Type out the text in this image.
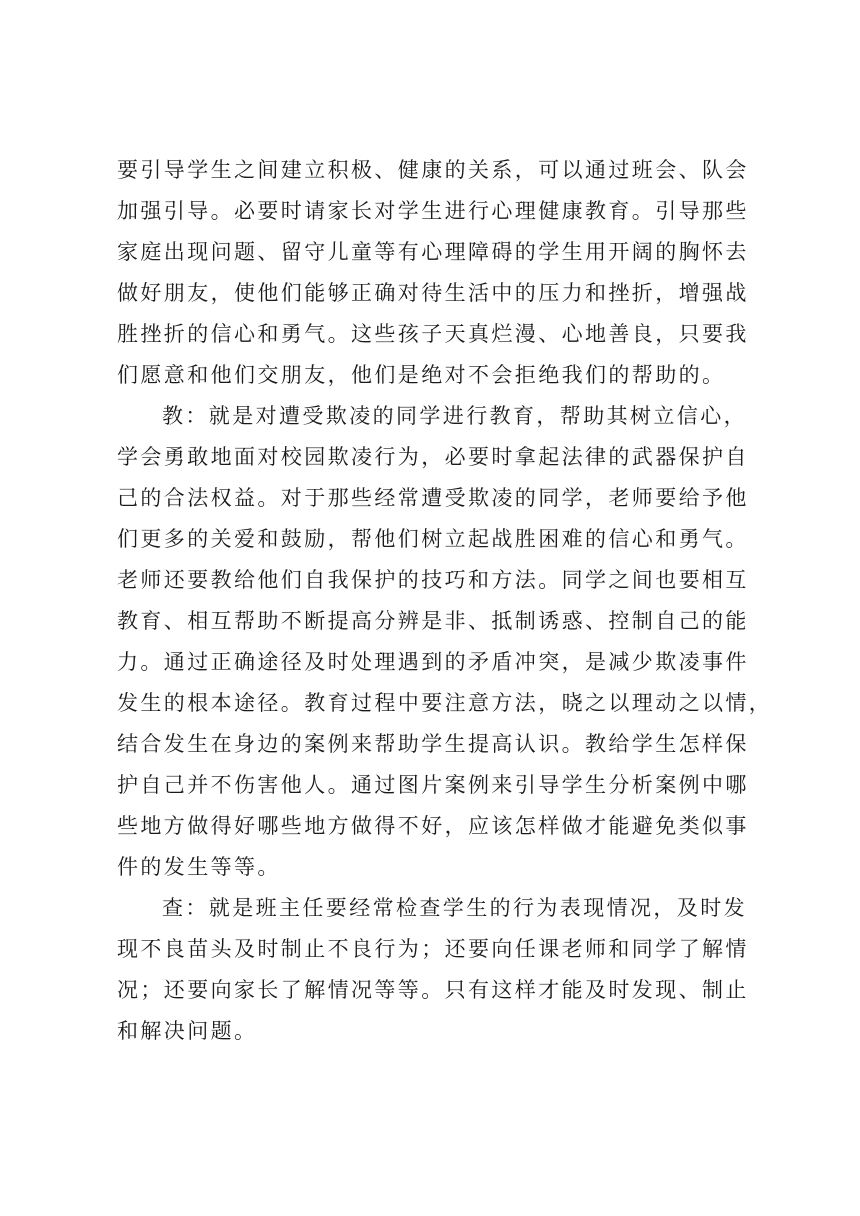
要引导学生之间建立积极、健康的关系，可以通过班会、队会
加强引导。必要时请家长对学生进行心理健康教育。引导那些
家庭出现问题、留守儿童等有心理障碍的学生用开阔的胸怀去
做好朋友，使他们能够正确对待生活中的压力和挫折，增强战
胜挫折的信心和勇气。这些孩子天真烂漫、心地善良，只要我
们愿意和他们交朋友，他们是绝对不会拒绝我们的帮助的。
教：就是对遭受欺凌的同学进行教育，帮助其树立信心，
学会勇敢地面对校园欺凌行为，必要时拿起法律的武器保护自
己的合法权益。对于那些经常遭受欺凌的同学，老师要给予他
们更多的关爱和鼓励，帮他们树立起战胜困难的信心和勇气。
老师还要教给他们自我保护的技巧和方法。同学之间也要相互
教育、相互帮助不断提高分辨是非、抵制诱惑、控制自己的能
力。通过正确途径及时处理遇到的矛盾冲突，是减少欺凌事件
发生的根本途径。教育过程中要注意方法，晓之以理动之以情，
结合发生在身边的案例来帮助学生提高认识。教给学生怎样保
护自己并不伤害他人。通过图片案例来引导学生分析案例中哪
些地方做得好哪些地方做得不好，应该怎样做才能避免类似事
件的发生等等。
查：就是班主任要经常检查学生的行为表现情况，及时发
现不良苗头及时制止不良行为；还要向任课老师和同学了解情
况；还要向家长了解情况等等。只有这样才能及时发现、制止
和解决问题。
